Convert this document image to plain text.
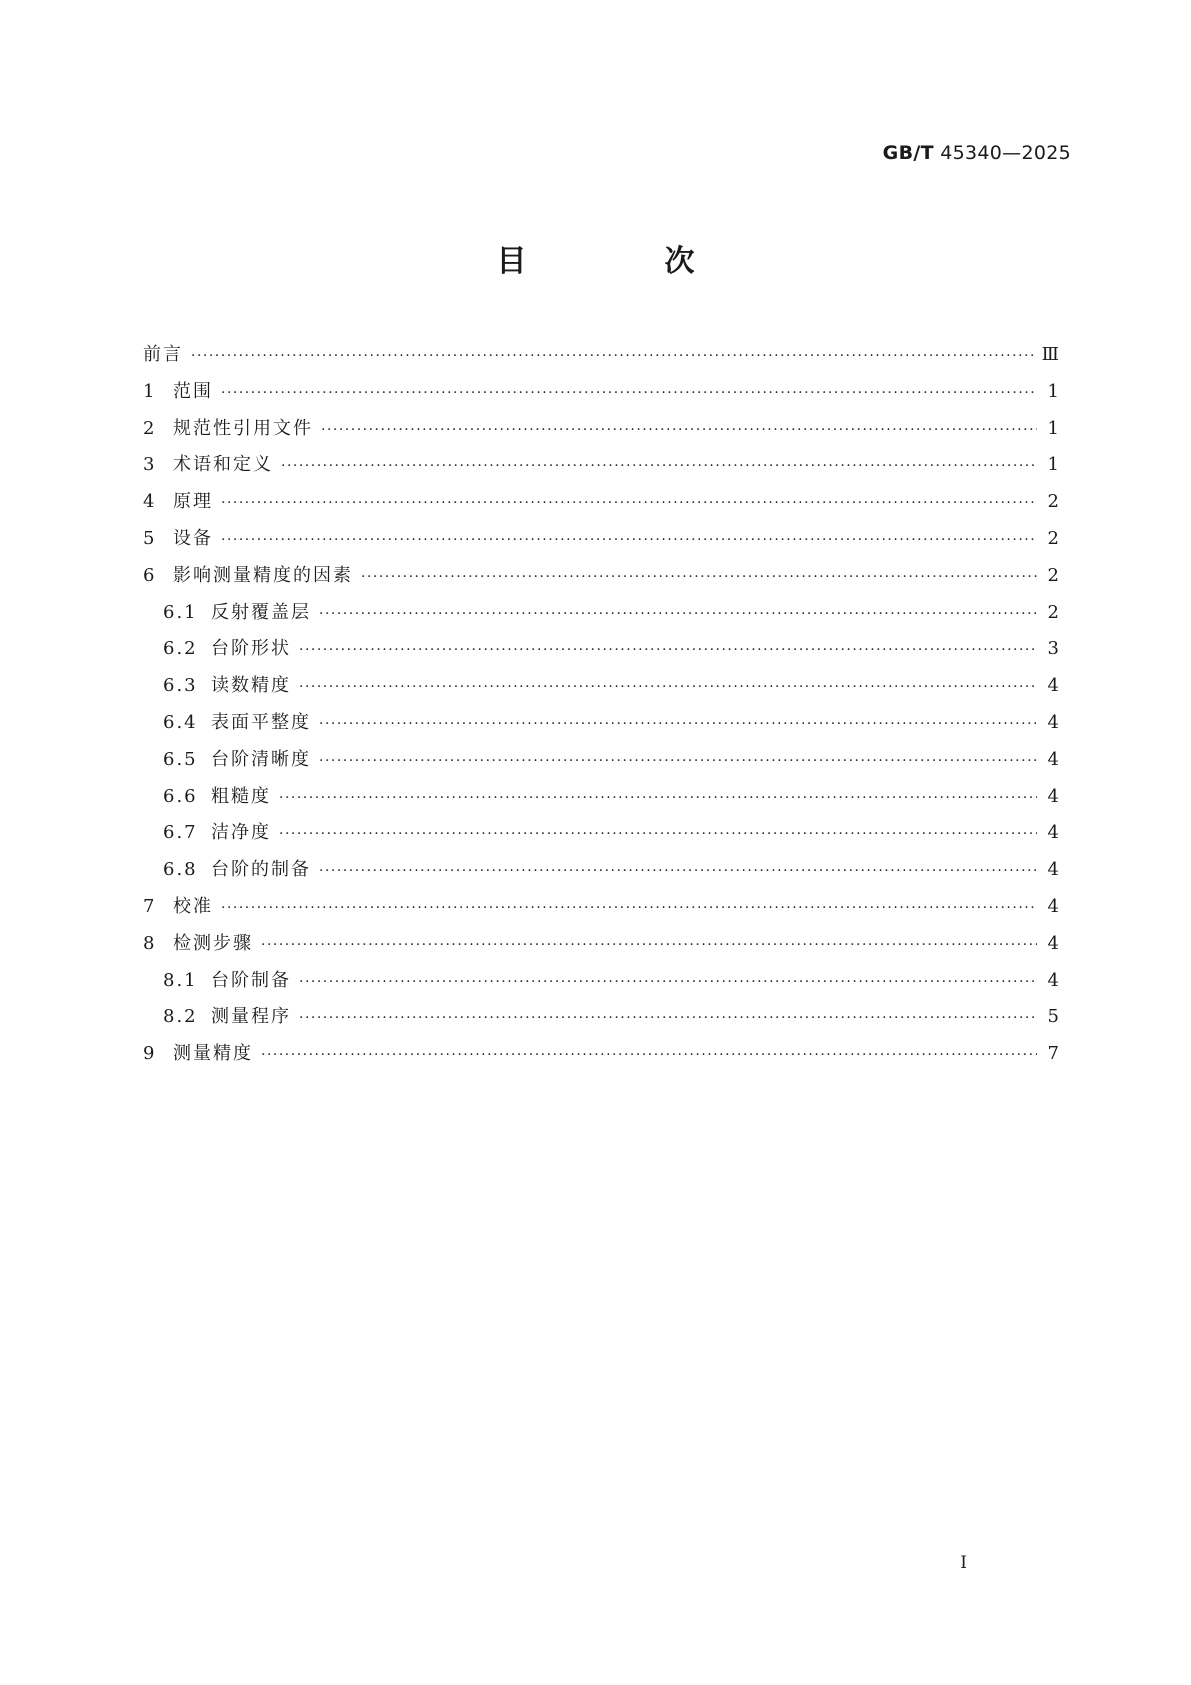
GB/T 45340—2025
目　次
前言 ·····	Ⅲ
1 范围 ·····	1
2 规范性引用文件 ·····	1
3 术语和定义 ·····	1
4 原理 ·····	2
5 设备 ·····	2
6 影响测量精度的因素 ·····	2
6.1 反射覆盖层 ·····	2
6.2 台阶形状 ·····	3
6.3 读数精度 ·····	4
6.4 表面平整度 ·····	4
6.5 台阶清晰度 ·····	4
6.6 粗糙度 ·····	4
6.7 洁净度 ·····	4
6.8 台阶的制备 ·····	4
7 校准 ·····	4
8 检测步骤 ·····	4
8.1 台阶制备 ·····	4
8.2 测量程序 ·····	5
9 测量精度 ·····	7
I
